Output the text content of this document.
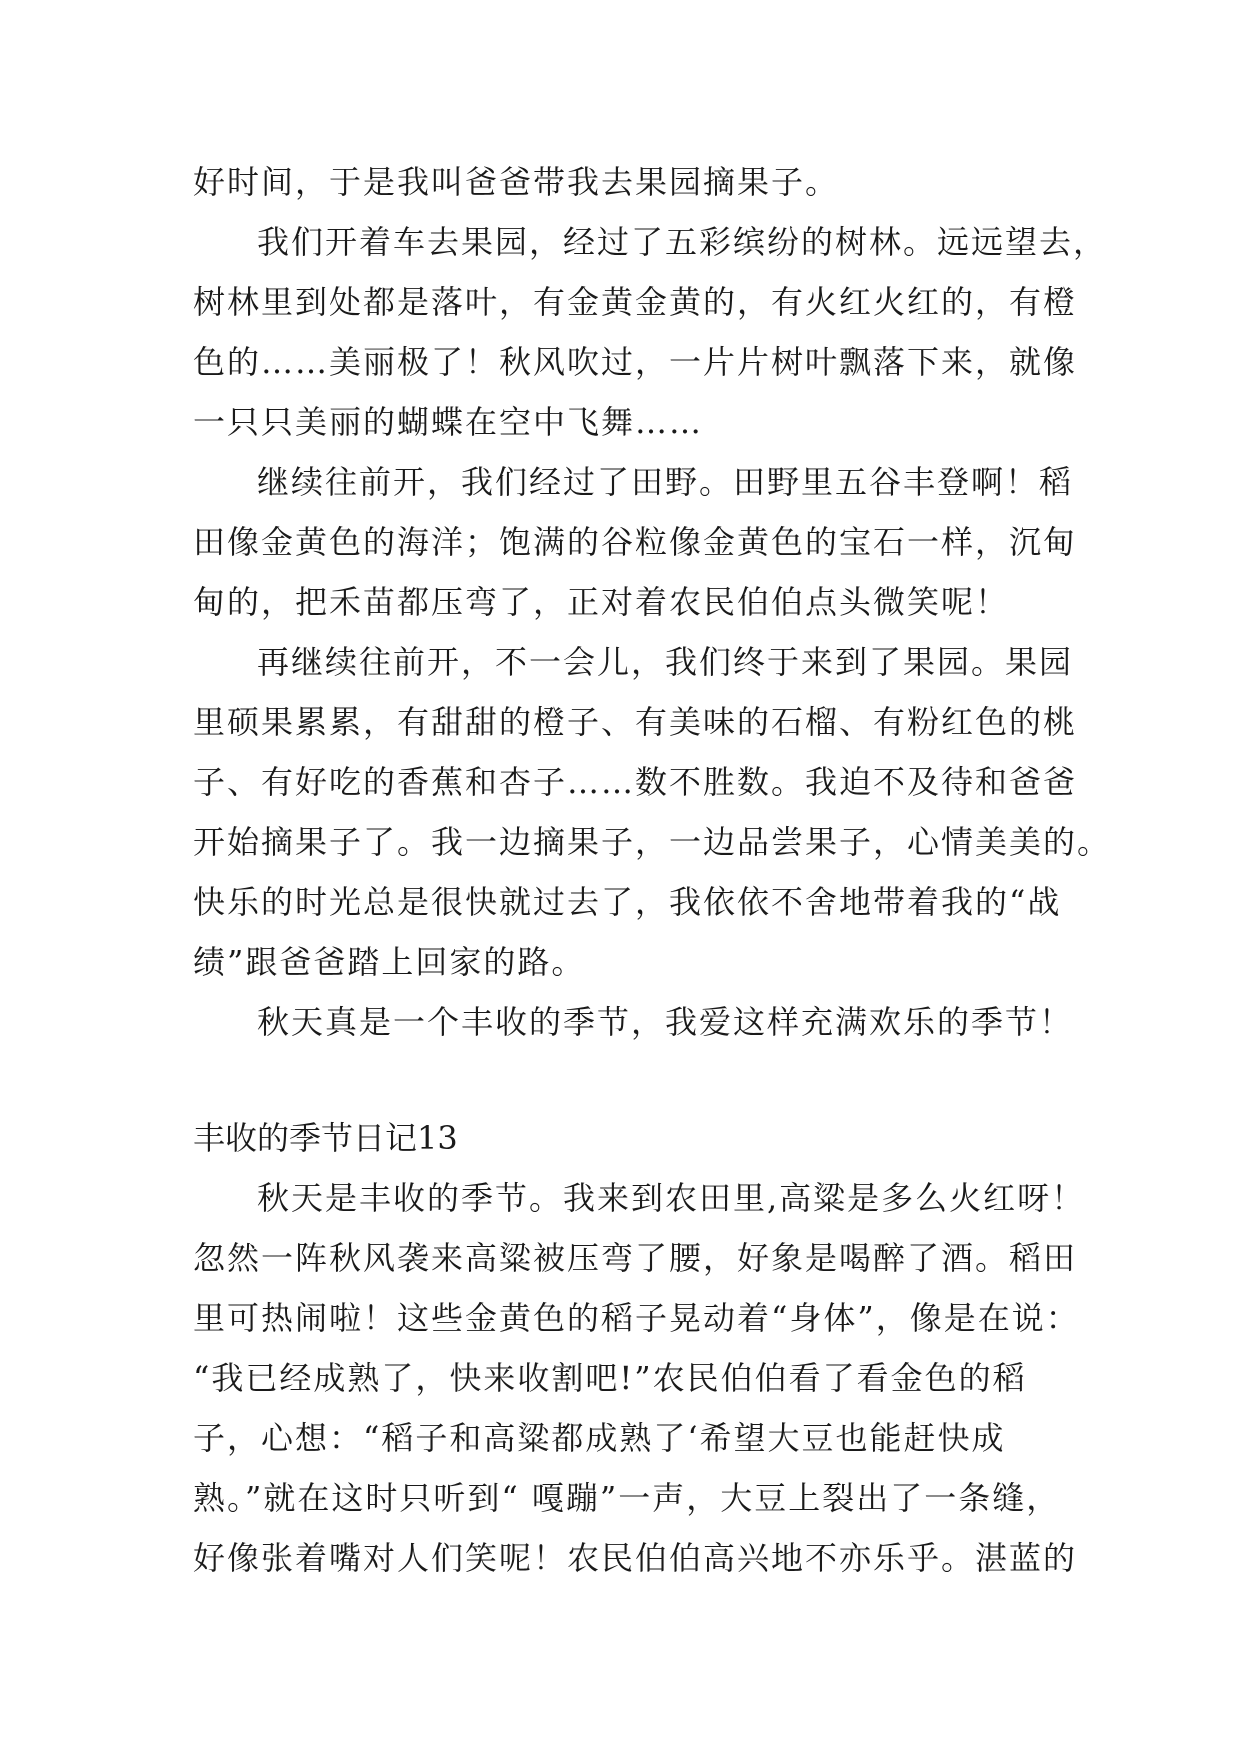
好时间，于是我叫爸爸带我去果园摘果子。

我们开着车去果园，经过了五彩缤纷的树林。远远望去，

树林里到处都是落叶，有金黄金黄的，有火红火红的，有橙

色的……美丽极了！秋风吹过，一片片树叶飘落下来，就像

一只只美丽的蝴蝶在空中飞舞……

继续往前开，我们经过了田野。田野里五谷丰登啊！稻

田像金黄色的海洋；饱满的谷粒像金黄色的宝石一样，沉甸

甸的，把禾苗都压弯了，正对着农民伯伯点头微笑呢！

再继续往前开，不一会儿，我们终于来到了果园。果园

里硕果累累，有甜甜的橙子、有美味的石榴、有粉红色的桃

子、有好吃的香蕉和杏子……数不胜数。我迫不及待和爸爸

开始摘果子了。我一边摘果子，一边品尝果子，心情美美的。

快乐的时光总是很快就过去了，我依依不舍地带着我的“战

绩”跟爸爸踏上回家的路。

秋天真是一个丰收的季节，我爱这样充满欢乐的季节！

丰收的季节日记13

秋天是丰收的季节。我来到农田里,高粱是多么火红呀！

忽然一阵秋风袭来高粱被压弯了腰，好象是喝醉了酒。稻田

里可热闹啦！这些金黄色的稻子晃动着“身体”，像是在说：

“我已经成熟了，快来收割吧!”农民伯伯看了看金色的稻

子，心想：“稻子和高粱都成熟了‘希望大豆也能赶快成

熟。”就在这时只听到“ 嘎蹦”一声，大豆上裂出了一条缝，

好像张着嘴对人们笑呢！农民伯伯高兴地不亦乐乎。湛蓝的
